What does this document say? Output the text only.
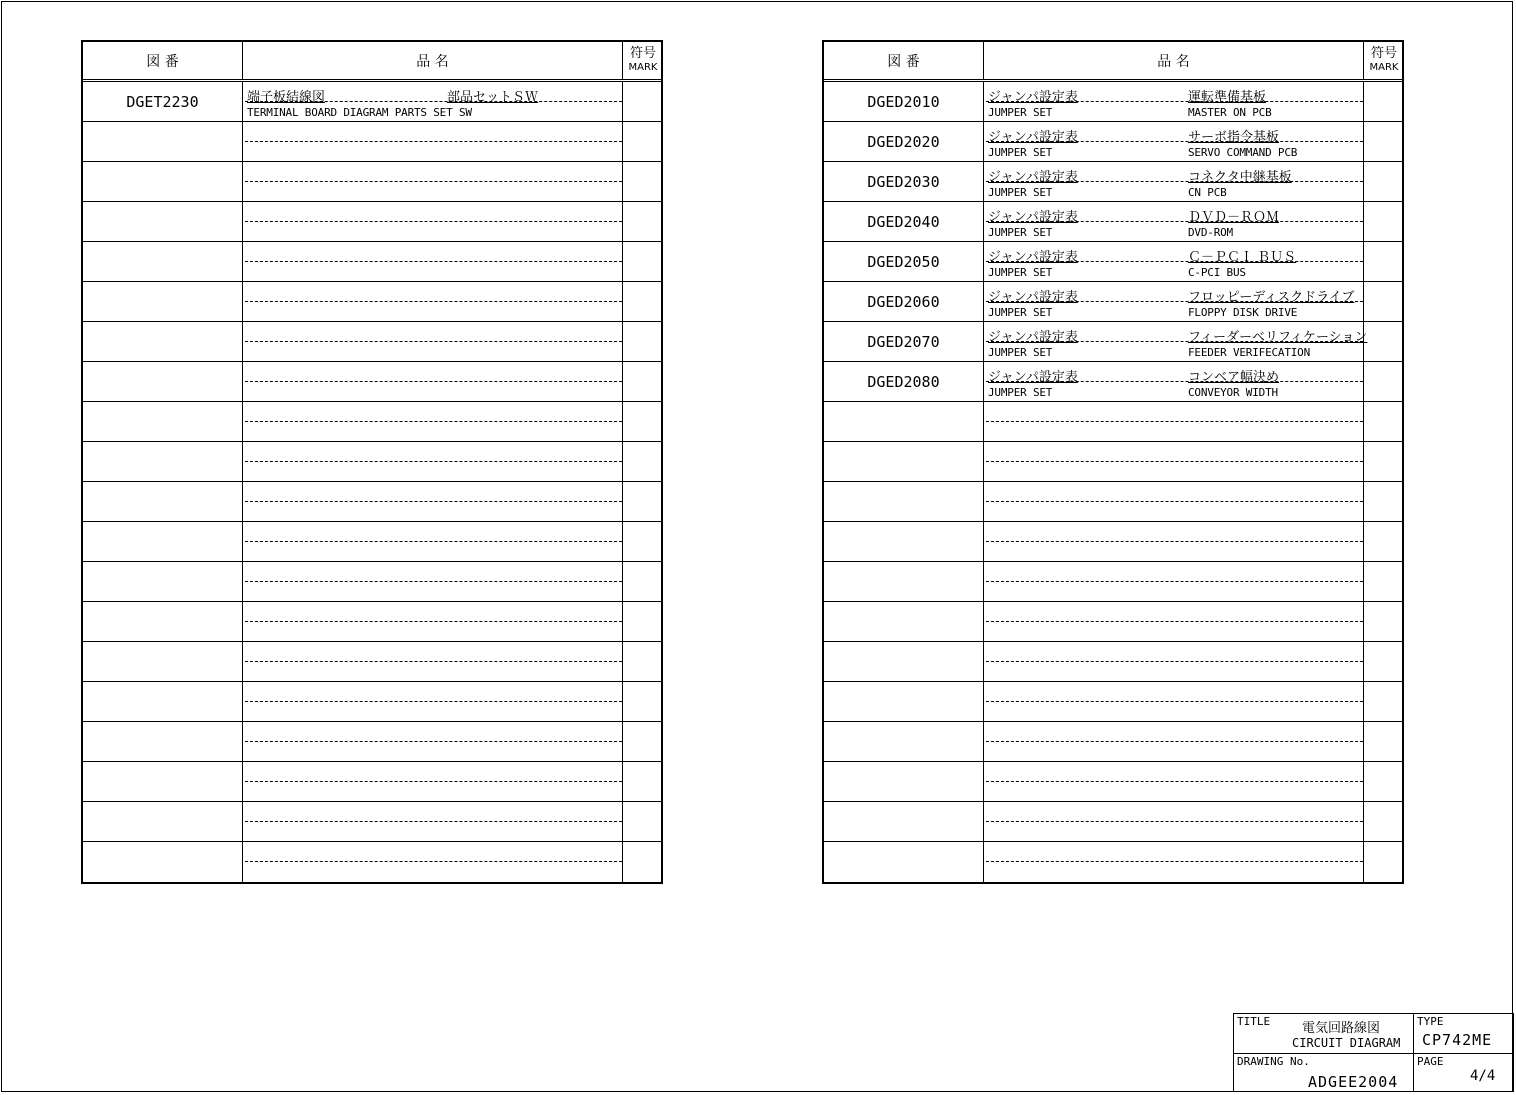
図 番	品 名	符号
MARK
DGET2230	端子板結線図	部品セットＳＷ
TERMINAL BOARD DIAGRAM PARTS SET SW
図 番	品 名	符号
MARK
DGED2010	ジャンパ設定表	運転準備基板
JUMPER SET	MASTER ON PCB
DGED2020	ジャンパ設定表	サーボ指令基板
JUMPER SET	SERVO COMMAND PCB
DGED2030	ジャンパ設定表	コネクタ中継基板
JUMPER SET	CN PCB
DGED2040	ジャンパ設定表	ＤＶＤ－ＲＯＭ
JUMPER SET	DVD-ROM
DGED2050	ジャンパ設定表	Ｃ－ＰＣＩ ＢＵＳ
JUMPER SET	C-PCI BUS
DGED2060	ジャンパ設定表	フロッピーディスクドライブ
JUMPER SET	FLOPPY DISK DRIVE
DGED2070	ジャンパ設定表	フィーダーベリフィケーション
JUMPER SET	FEEDER VERIFECATION
DGED2080	ジャンパ設定表	コンベア幅決め
JUMPER SET	CONVEYOR WIDTH
TITLE 電気回路線図
CIRCUIT DIAGRAM
TYPE
CP742ME
DRAWING No.
ADGEE2004
PAGE
4/4
